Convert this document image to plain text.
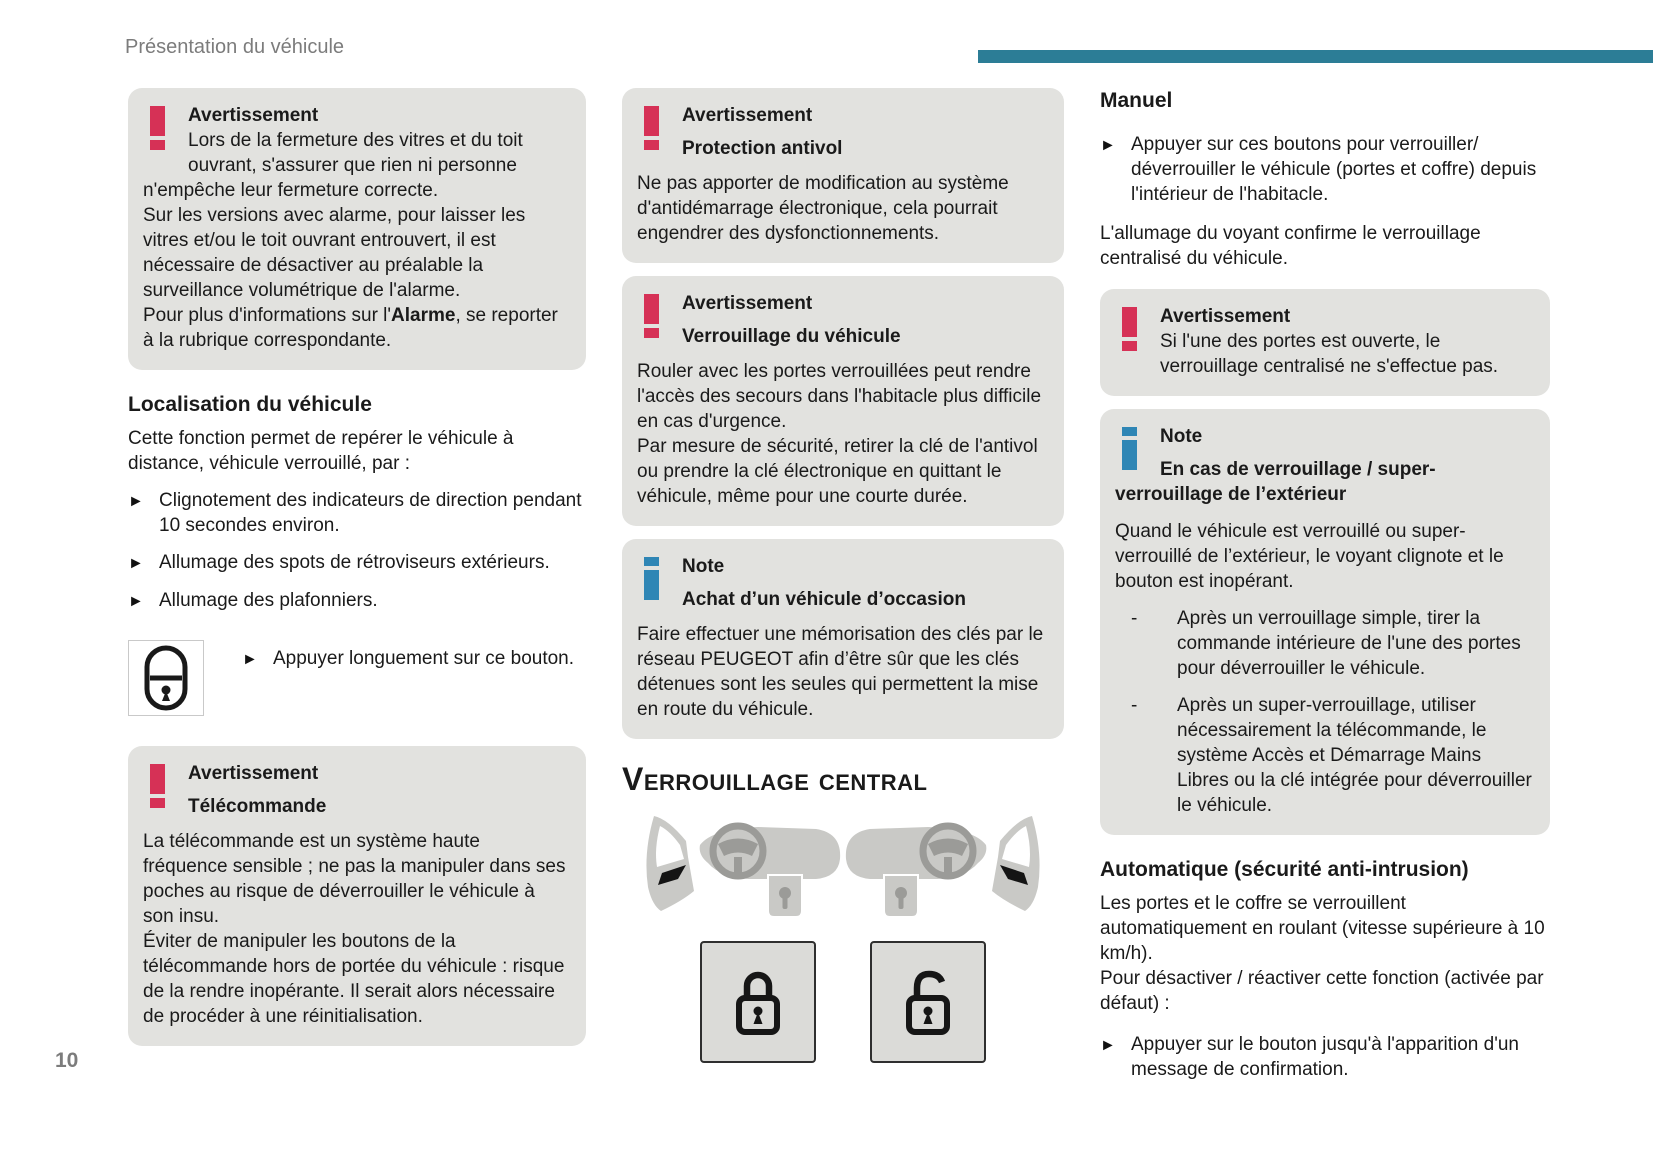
Présentation du véhicule
Avertissement

Lors de la fermeture des vitres et du toit ouvrant, s'assurer que rien ni personne n'empêche leur fermeture correcte.

Sur les versions avec alarme, pour laisser les vitres et/ou le toit ouvrant entrouvert, il est nécessaire de désactiver au préalable la surveillance volumétrique de l'alarme.

Pour plus d'informations sur l'Alarme, se reporter à la rubrique correspondante.

Localisation du véhicule

Cette fonction permet de repérer le véhicule à distance, véhicule verrouillé, par :

► Clignotement des indicateurs de direction pendant 10 secondes environ.

► Allumage des spots de rétroviseurs extérieurs.

► Allumage des plafonniers.

► Appuyer longuement sur ce bouton.

Avertissement
Télécommande

La télécommande est un système haute fréquence sensible ; ne pas la manipuler dans ses poches au risque de déverrouiller le véhicule à son insu.

Éviter de manipuler les boutons de la télécommande hors de portée du véhicule : risque de la rendre inopérante. Il serait alors nécessaire de procéder à une réinitialisation.

Avertissement
Protection antivol

Ne pas apporter de modification au système d'antidémarrage électronique, cela pourrait engendrer des dysfonctionnements.

Avertissement
Verrouillage du véhicule

Rouler avec les portes verrouillées peut rendre l'accès des secours dans l'habitacle plus difficile en cas d'urgence.

Par mesure de sécurité, retirer la clé de l'antivol ou prendre la clé électronique en quittant le véhicule, même pour une courte durée.

Note
Achat d’un véhicule d’occasion

Faire effectuer une mémorisation des clés par le réseau PEUGEOT afin d’être sûr que les clés détenues sont les seules qui permettent la mise en route du véhicule.

Verrouillage central
Manuel
► Appuyer sur ces boutons pour verrouiller/ déverrouiller le véhicule (portes et coffre) depuis l'intérieur de l'habitacle.

L'allumage du voyant confirme le verrouillage centralisé du véhicule.

Avertissement

Si l'une des portes est ouverte, le verrouillage centralisé ne s'effectue pas.

Note
En cas de verrouillage / super-verrouillage de l’extérieur

Quand le véhicule est verrouillé ou super-verrouillé de l’extérieur, le voyant clignote et le bouton est inopérant.

-	Après un verrouillage simple, tirer la commande intérieure de l'une des portes pour déverrouiller le véhicule.

-	Après un super-verrouillage, utiliser nécessairement la télécommande, le système Accès et Démarrage Mains Libres ou la clé intégrée pour déverrouiller le véhicule.

Automatique (sécurité anti-intrusion)

Les portes et le coffre se verrouillent automatiquement en roulant (vitesse supérieure à 10 km/h).

Pour désactiver / réactiver cette fonction (activée par défaut) :

► Appuyer sur le bouton jusqu'à l'apparition d'un message de confirmation.

10
